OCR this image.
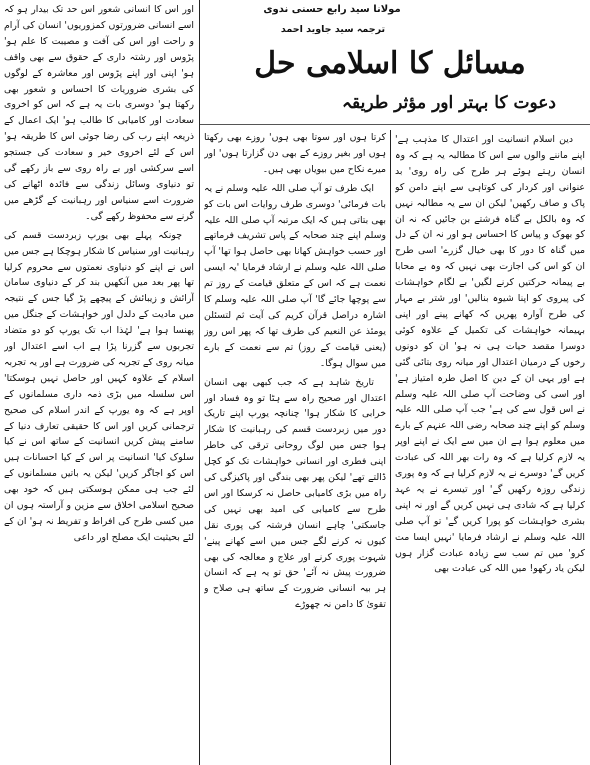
مولانا سید رابع حسنی ندوی
ترجمہ سید جاوید احمد
مسائل کا اسلامی حل
دعوت کا بہتر اور مؤثر طریقہ

اور اس کا انسانی شعور اس حد تک بیدار ہو کہ اسے انسانی ضرورتوں کمزوریوں' انسان کی آرام و راحت اور اس کی آفت و مصیبت کا علم ہو' پڑوس اور رشتہ داری کے حقوق سے بھی واقف ہو' اپنی اور اپنے پڑوس اور معاشرہ کے لوگوں کی بشری ضروریات کا احساس و شعور بھی رکھتا ہو' دوسری بات یہ ہے کہ اس کو اخروی سعادت اور کامیابی کا طالب ہو' ایک اعمال کے ذریعہ اپنے رب کی رضا جوئی اس کا طریقہ ہو' اس کے لئے اخروی خیر و سعادت کی جستجو اسے سرکشی اور بے راہ روی سے باز رکھے گی تو دنیاوی وسائل زندگی سے فائدہ اٹھانے کی ضرورت اسے سنیاس اور رہبانیت کے گڑھے میں گرنے سے محفوظ رکھے گی۔

چونکہ پہلے بھی یورپ زبردست قسم کی رہبانیت اور سنیاس کا شکار ہوچکا ہے جس میں اس نے اپنے کو دنیاوی نعمتوں سے محروم کرلیا تھا پھر بعد میں آنکھیں بند کر کے دنیاوی سامان آرائش و زیبائش کے پیچھے پڑ گیا جس کے نتیجہ میں مادیت کے دلدل اور خواہشات کے جنگل میں پھنسا ہوا ہے' لہٰذا اب تک یورپ کو دو متضاد تجربوں سے گزرنا پڑا ہے اب اسے اعتدال اور میانہ روی کے تجربہ کی ضرورت ہے اور یہ تجربہ اسلام کے علاوہ کہیں اور حاصل نہیں ہوسکتا' اس سلسلہ میں بڑی ذمہ داری مسلمانوں کے اوپر ہے کہ وہ یورپ کے اندر اسلام کی صحیح ترجمانی کریں اور اس کا حقیقی تعارف دنیا کے سامنے پیش کریں انسانیت کے ساتھ اس نے کیا سلوک کیا' انسانیت پر اس کے کیا احسانات ہیں اس کو اجاگر کریں' لیکن یہ باتیں مسلمانوں کے لئے جب ہی ممکن ہوسکتی ہیں کہ خود بھی صحیح اسلامی اخلاق سے مزین و آراستہ ہوں ان میں کسی طرح کی افراط و تفریط نہ ہو' ان کے لئے بحیثیت ایک مصلح اور داعی

کرتا ہوں اور سوتا بھی ہوں' روزے بھی رکھتا ہوں اور بغیر روزے کے بھی دن گزارتا ہوں' اور میرے نکاح میں بیویاں بھی ہیں۔

ایک طرف تو آپ صلی اللہ علیہ وسلم نے یہ بات فرمائی' دوسری طرف روایات اس بات کو بھی بتاتی ہیں کہ ایک مرتبہ آپ صلی اللہ علیہ وسلم اپنے چند صحابہ کے پاس تشریف فرماتھے اور حسب خواہش کھانا بھی حاصل ہوا تھا' آپ صلی اللہ علیہ وسلم نے ارشاد فرمایا 'یہ ایسی نعمت ہے کہ اس کے متعلق قیامت کے روز تم سے پوچھا جائے گا' آپ صلی اللہ علیہ وسلم کا اشارہ دراصل قرآن کریم کی آیت ثم لتسئلن یومئذ عن النعیم کی طرف تھا کہ پھر اس روز (یعنی قیامت کے روز) تم سے نعمت کے بارے میں سوال ہوگا۔

تاریخ شاہد ہے کہ جب کبھی بھی انسان اعتدال اور صحیح راہ سے ہٹا تو وہ فساد اور خرابی کا شکار ہوا' چنانچہ یورپ اپنے تاریک دور میں زبردست قسم کی رہبانیت کا شکار ہوا جس میں لوگ روحانی ترقی کی خاطر اپنی فطری اور انسانی خواہشات تک کو کچل ڈالتے تھے' لیکن پھر بھی بندگی اور پاکیزگی کی راہ میں بڑی کامیابی حاصل نہ کرسکا اور اس طرح سے کامیابی کی امید بھی نہیں کی جاسکتی' چاہے انسان فرشتہ کی پوری نقل کیوں نہ کرنے لگے جس میں اسے کھانے پینے' شہوت پوری کرنے اور علاج و معالجہ کی بھی ضرورت پیش نہ آئے' حق تو یہ ہے کہ انسان ہر بیہ انسانی ضرورت کے ساتھ ہی صلاح و تقویٰ کا دامن نہ چھوڑے

دین اسلام انسانیت اور اعتدال کا مذہب ہے' اپنے ماننے والوں سے اس کا مطالبہ یہ ہے کہ وہ انسان رہتے ہوئے ہر طرح کی راہ روی' بد عنوانی اور کردار کی کوتاہی سے اپنے دامن کو پاک و صاف رکھیں' لیکن ان سے یہ مطالبہ نہیں کہ وہ بالکل بے گناہ فرشتے بن جائیں کہ نہ ان کو بھوک و پیاس کا احساس ہو اور نہ ان کے دل میں گناہ کا دور کا بھی خیال گزرے' اسی طرح ان کو اس کی اجازت بھی نہیں کہ وہ بے محابا بے پیمانہ حرکتیں کرنے لگیں' بے لگام خواہشات کی پیروی کو اپنا شیوہ بنالیں' اور شتر بے مہار کی طرح آوارہ پھریں کہ کھانے پینے اور اپنی بہیمانہ خواہشات کی تکمیل کے علاوہ کوئی دوسرا مقصد حیات ہی نہ ہو' ان کو دونوں رخوں کے درمیان اعتدال اور میانہ روی بتائی گئی ہے اور یہی ان کے دین کا اصل طرہ امتیاز ہے' اور اسی کی وضاحت آپ صلی اللہ علیہ وسلم نے اس قول سے کی ہے' جب آپ صلی اللہ علیہ وسلم کو اپنے چند صحابہ رضی اللہ عنہم کے بارے میں معلوم ہوا ہے ان میں سے ایک نے اپنے اوپر یہ لازم کرلیا ہے کہ وہ رات بھر اللہ کی عبادت کریں گے' دوسرے نے یہ لازم کرلیا ہے کہ وہ پوری زندگی روزہ رکھیں گے' اور تیسرے نے یہ عہد کرلیا ہے کہ شادی ہی نہیں کریں گے اور نہ اپنی بشری خواہشات کو پورا کریں گے' تو آپ صلی اللہ علیہ وسلم نے ارشاد فرمایا 'نہیں ایسا مت کرو' میں تم سب سے زیادہ عبادت گزار ہوں لیکن یاد رکھو! میں اللہ کی عبادت بھی
